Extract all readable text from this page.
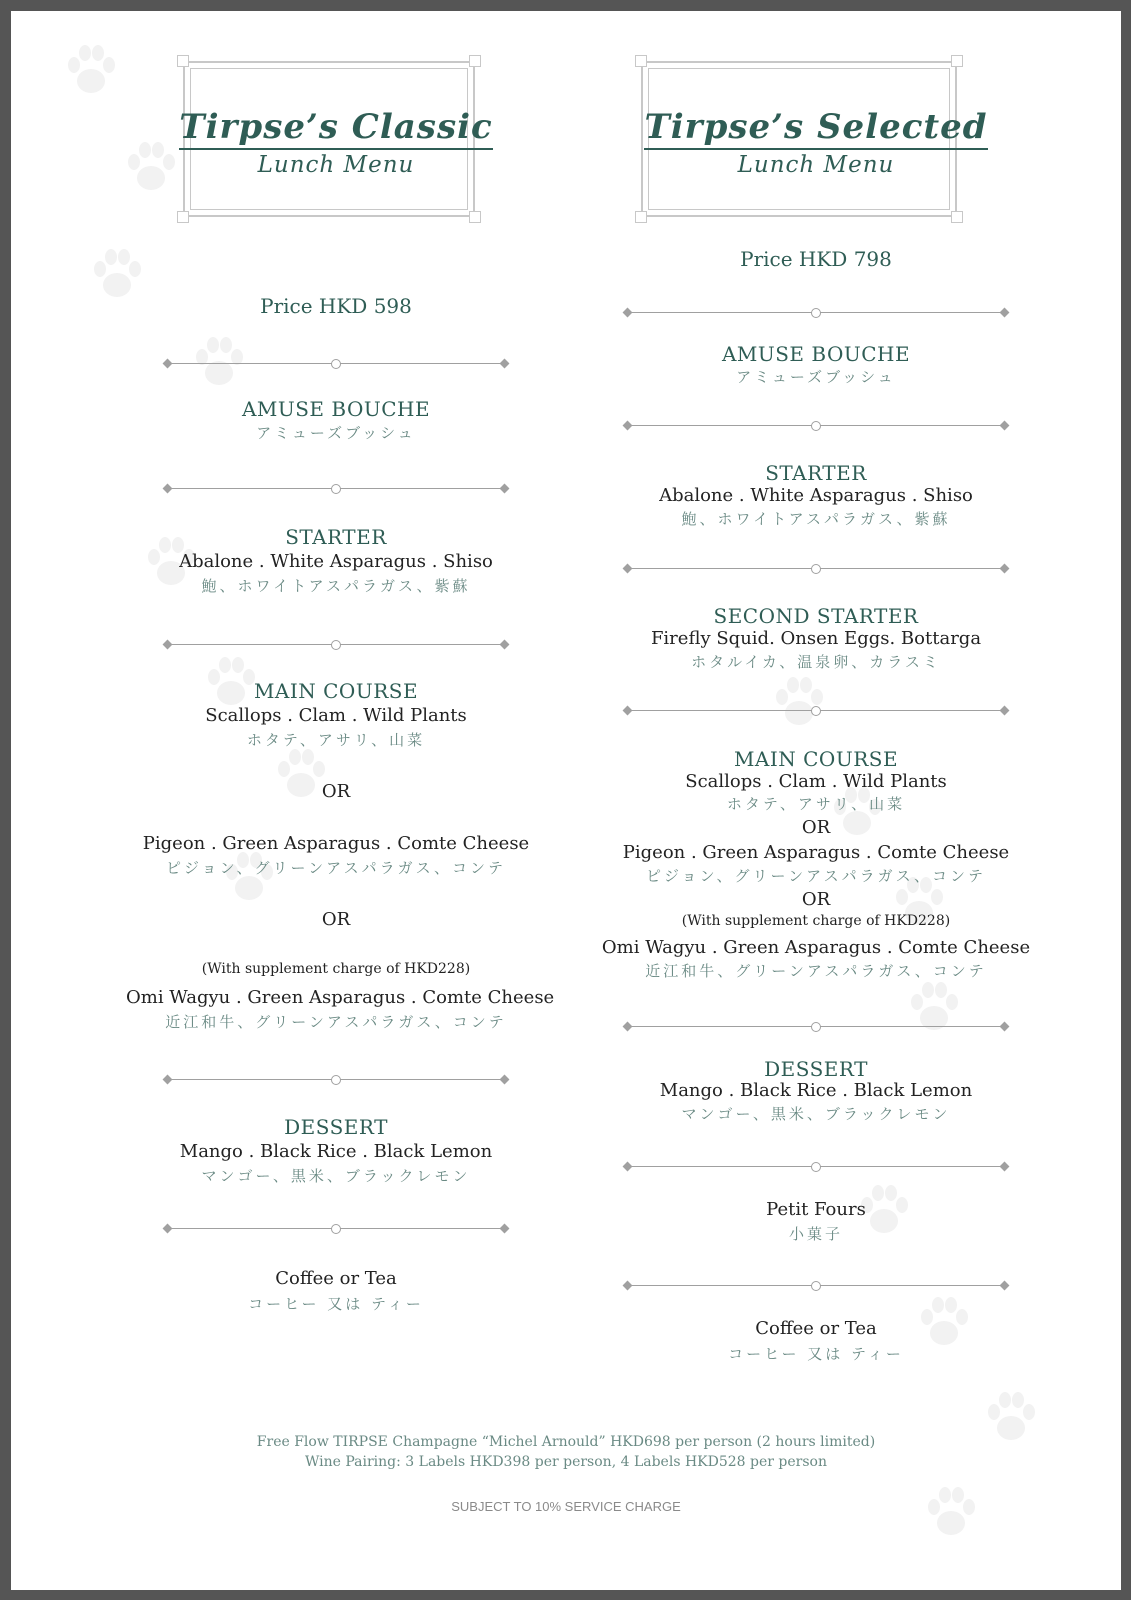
Tirpse’s Classic
Lunch Menu
Price HKD 598
AMUSE BOUCHE
アミューズブッシュ
STARTER
Abalone . White Asparagus . Shiso
鮑、ホワイトアスパラガス、紫蘇
MAIN COURSE
Scallops . Clam . Wild Plants
ホタテ、アサリ、山菜
OR
Pigeon . Green Asparagus . Comte Cheese
ピジョン、グリーンアスパラガス、コンテ
OR
(With supplement charge of HKD228)
Omi Wagyu . Green Asparagus . Comte Cheese
近江和牛、グリーンアスパラガス、コンテ
DESSERT
Mango . Black Rice . Black Lemon
マンゴー、黒米、ブラックレモン
Coffee or Tea
コーヒー 又は ティー
Tirpse’s Selected
Lunch Menu
Price HKD 798
AMUSE BOUCHE
アミューズブッシュ
STARTER
Abalone . White Asparagus . Shiso
鮑、ホワイトアスパラガス、紫蘇
SECOND STARTER
Firefly Squid. Onsen Eggs. Bottarga
ホタルイカ、温泉卵、カラスミ
MAIN COURSE
Scallops . Clam . Wild Plants
ホタテ、アサリ、山菜
OR
Pigeon . Green Asparagus . Comte Cheese
ピジョン、グリーンアスパラガス、コンテ
OR
(With supplement charge of HKD228)
Omi Wagyu . Green Asparagus . Comte Cheese
近江和牛、グリーンアスパラガス、コンテ
DESSERT
Mango . Black Rice . Black Lemon
マンゴー、黒米、ブラックレモン
Petit Fours
小菓子
Coffee or Tea
コーヒー 又は ティー
Free Flow TIRPSE Champagne “Michel Arnould” HKD698 per person (2 hours limited)
Wine Pairing: 3 Labels HKD398 per person, 4 Labels HKD528 per person
SUBJECT TO 10% SERVICE CHARGE
